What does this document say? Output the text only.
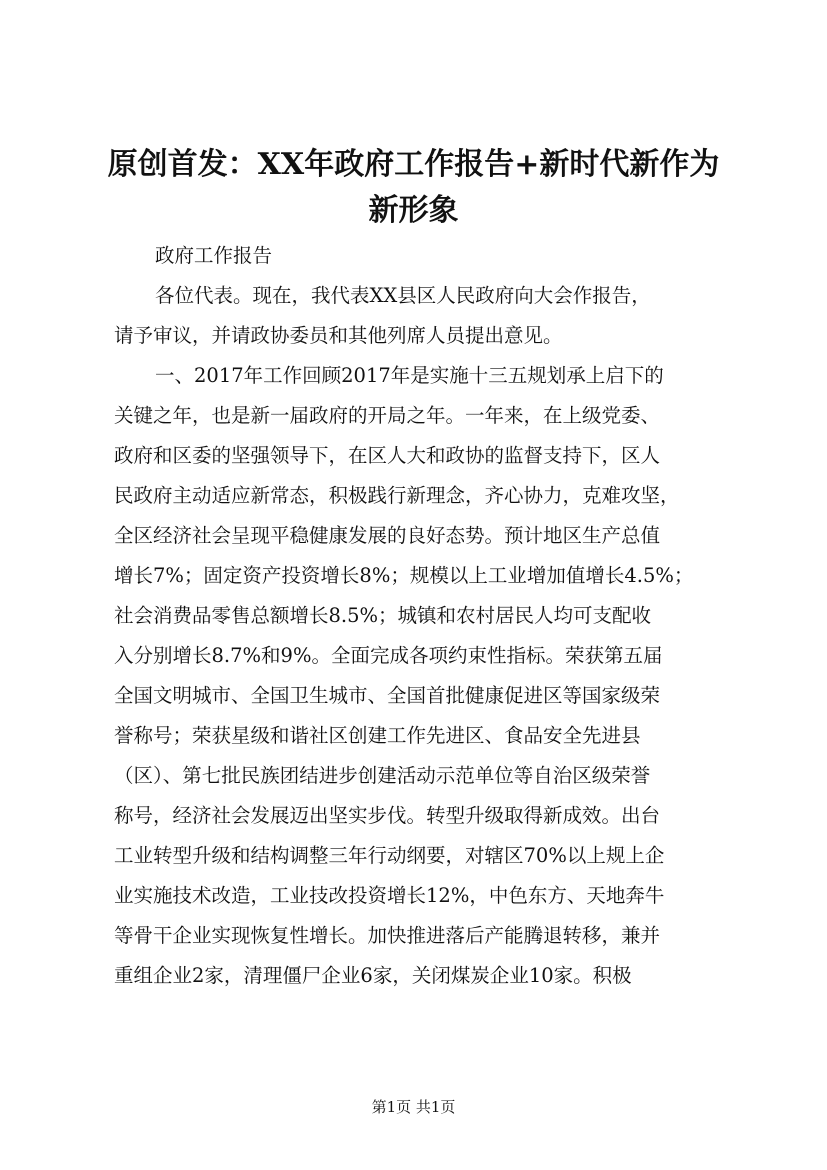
原创首发：XX年政府工作报告+新时代新作为
新形象
政府工作报告
各位代表。现在，我代表XX县区人民政府向大会作报告，
请予审议，并请政协委员和其他列席人员提出意见。
一、2017年工作回顾2017年是实施十三五规划承上启下的
关键之年，也是新一届政府的开局之年。一年来，在上级党委、
政府和区委的坚强领导下，在区人大和政协的监督支持下，区人
民政府主动适应新常态，积极践行新理念，齐心协力，克难攻坚，
全区经济社会呈现平稳健康发展的良好态势。预计地区生产总值
增长7%；固定资产投资增长8%；规模以上工业增加值增长4.5%；
社会消费品零售总额增长8.5%；城镇和农村居民人均可支配收
入分别增长8.7%和9%。全面完成各项约束性指标。荣获第五届
全国文明城市、全国卫生城市、全国首批健康促进区等国家级荣
誉称号；荣获星级和谐社区创建工作先进区、食品安全先进县
（区）、第七批民族团结进步创建活动示范单位等自治区级荣誉
称号，经济社会发展迈出坚实步伐。转型升级取得新成效。出台
工业转型升级和结构调整三年行动纲要，对辖区70%以上规上企
业实施技术改造，工业技改投资增长12%，中色东方、天地奔牛
等骨干企业实现恢复性增长。加快推进落后产能腾退转移，兼并
重组企业2家，清理僵尸企业6家，关闭煤炭企业10家。积极
第1页 共1页
